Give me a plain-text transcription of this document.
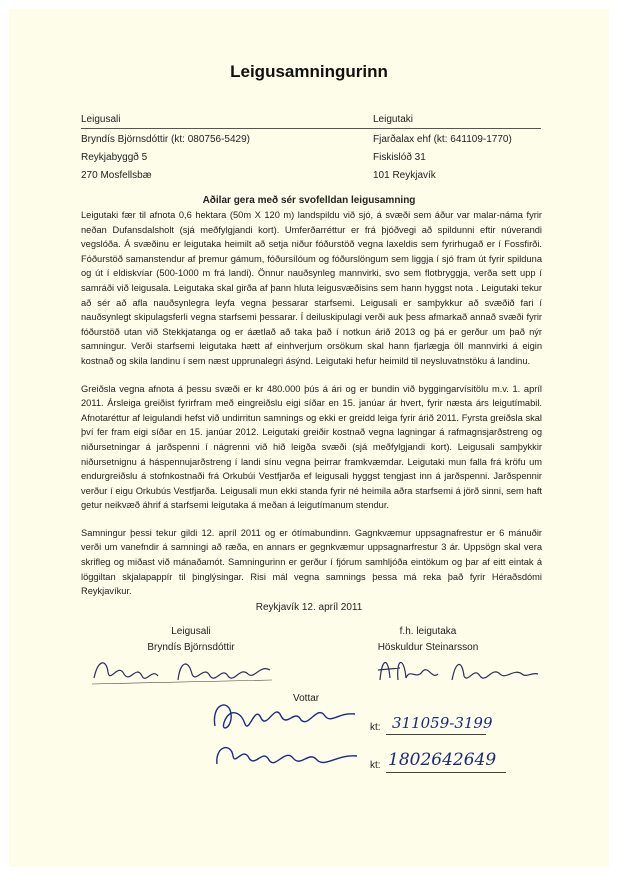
Leigusamningurinn
Leigusali	Leigutaki
Bryndís Björnsdóttir (kt: 080756-5429)	Fjarðalax ehf (kt: 641109-1770)
Reykjabyggð 5	Fiskislóð 31
270 Mosfellsbæ	101 Reykjavík
Aðilar gera með sér svofelldan leigusamning

Leigutaki fær til afnota 0,6 hektara (50m X 120 m) landspildu við sjó, á svæði sem áður var malar-náma fyrir neðan Dufansdalsholt (sjá meðfylgjandi kort). Umferðarréttur er frá þjóðvegi að spildunni eftir núverandi vegslóða. Á svæðinu er leigutaka heimilt að setja niður fóðurstöð vegna laxeldis sem fyrirhugað er í Fossfirði. Fóðurstöð samanstendur af þremur gámum, fóðursílóum og fóðurslöngum sem liggja í sjó fram út fyrir spilduna og út í eldiskvíar (500-1000 m frá landi). Önnur nauðsynleg mannvirki, svo sem flotbryggja, verða sett upp í samráði við leigusala. Leigutaka skal girða af þann hluta leigusvæðisins sem hann hyggst nota . Leigutaki tekur að sér að afla nauðsynlegra leyfa vegna þessarar starfsemi. Leigusali er samþykkur að svæðið fari í nauðsynlegt skipulagsferli vegna starfsemi þessarar. Í deiluskipulagi verði auk þess afmarkað annað svæði fyrir fóðurstöð utan við Stekkjatanga og er áætlað að taka það í notkun árið 2013 og þá er gerður um það nýr samningur. Verði starfsemi leigutaka hætt af einhverjum orsökum skal hann fjarlægja öll mannvirki á eigin kostnað og skila landinu í sem næst upprunalegri ásýnd. Leigutaki hefur heimild til neysluvatnstöku á landinu.

Greiðsla vegna afnota á þessu svæði er kr 480.000 þús á ári og er bundin við byggingarvísitölu m.v. 1. apríl 2011. Ársleiga greiðist fyrirfram með eingreiðslu eigi síðar en 15. janúar ár hvert, fyrir næsta árs leigutímabil. Afnotaréttur af leigulandi hefst við undirritun samnings og ekki er greidd leiga fyrir árið 2011. Fyrsta greiðsla skal því fer fram eigi síðar en 15. janúar 2012. Leigutaki greiðir kostnað vegna lagningar á rafmagnsjarðstreng og niðursetningar á jarðspenni í nágrenni við hið leigða svæði (sjá meðfylgjandi kort). Leigusali samþykkir niðursetnignu á háspennujarðstreng í landi sínu vegna þeirrar framkvæmdar. Leigutaki mun falla frá kröfu um endurgreiðslu á stofnkostnaði frá Orkubúi Vestfjarða ef leigusali hyggst tengjast inn á jarðspenni. Jarðspennir verður í eigu Orkubús Vestfjarða. Leigusali mun ekki standa fyrir né heimila aðra starfsemi á jörð sinni, sem haft getur neikvæð áhrif á starfsemi leigutaka á meðan á leigutímanum stendur.

Samningur þessi tekur gildi 12. apríl 2011 og er ótímabundinn. Gagnkvæmur uppsagnafrestur er 6 mánuðir verði um vanefndir á samningi að ræða, en annars er gegnkvæmur uppsagnarfrestur 3 ár. Uppsögn skal vera skrifleg og miðast við mánaðamót. Samningurinn er gerður í fjórum samhljóða eintökum og þar af eitt eintak á löggiltan skjalapappír til þinglýsingar. Risi mál vegna samnings þessa má reka það fyrir Héraðsdómi Reykjavíkur.

Reykjavík 12. apríl 2011
Leigusali
Bryndís Björnsdóttir
f.h. leigutaka
Höskuldur Steinarsson
Vottar
kt: 311059-3199
kt: 1802642649
